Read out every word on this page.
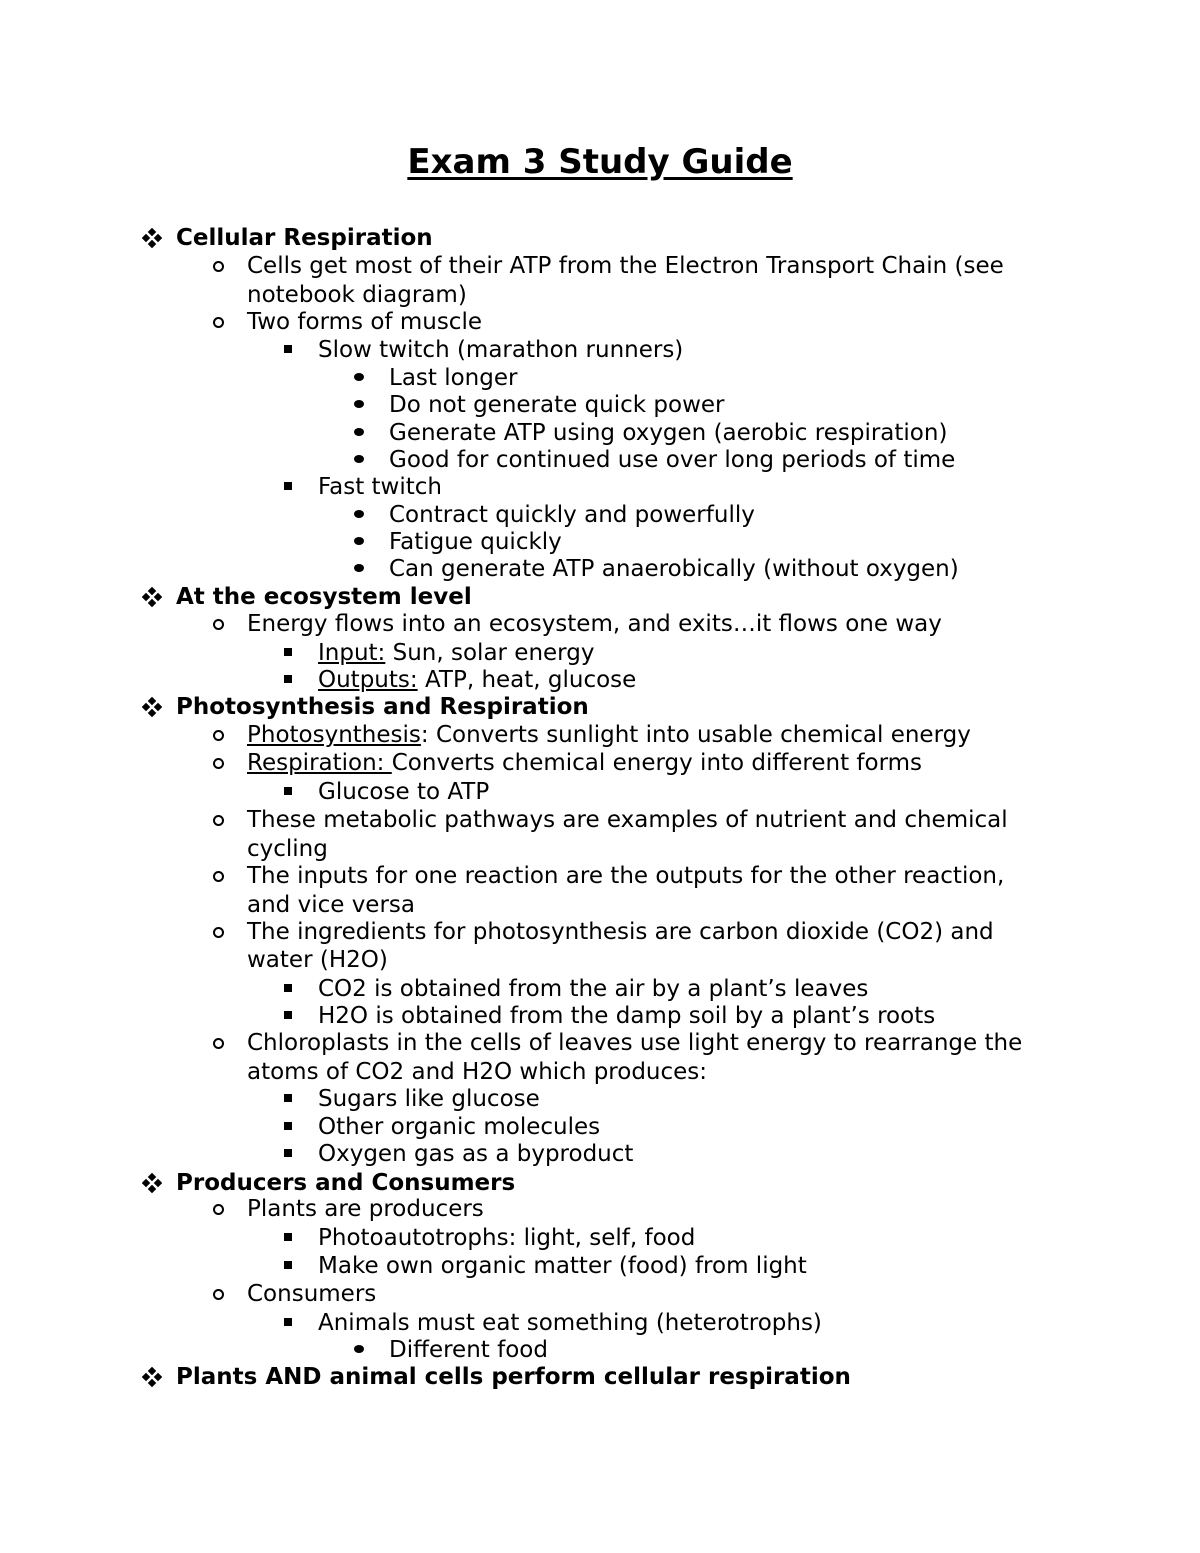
Exam 3 Study Guide
Cellular Respiration
Cells get most of their ATP from the Electron Transport Chain (see
notebook diagram)
Two forms of muscle
Slow twitch (marathon runners)
Last longer
Do not generate quick power
Generate ATP using oxygen (aerobic respiration)
Good for continued use over long periods of time
Fast twitch
Contract quickly and powerfully
Fatigue quickly
Can generate ATP anaerobically (without oxygen)
At the ecosystem level
Energy flows into an ecosystem, and exits…it flows one way
Input: Sun, solar energy
Outputs: ATP, heat, glucose
Photosynthesis and Respiration
Photosynthesis: Converts sunlight into usable chemical energy
Respiration: Converts chemical energy into different forms
Glucose to ATP
These metabolic pathways are examples of nutrient and chemical
cycling
The inputs for one reaction are the outputs for the other reaction,
and vice versa
The ingredients for photosynthesis are carbon dioxide (CO2) and
water (H2O)
CO2 is obtained from the air by a plant’s leaves
H2O is obtained from the damp soil by a plant’s roots
Chloroplasts in the cells of leaves use light energy to rearrange the
atoms of CO2 and H2O which produces:
Sugars like glucose
Other organic molecules
Oxygen gas as a byproduct
Producers and Consumers
Plants are producers
Photoautotrophs: light, self, food
Make own organic matter (food) from light
Consumers
Animals must eat something (heterotrophs)
Different food
Plants AND animal cells perform cellular respiration
